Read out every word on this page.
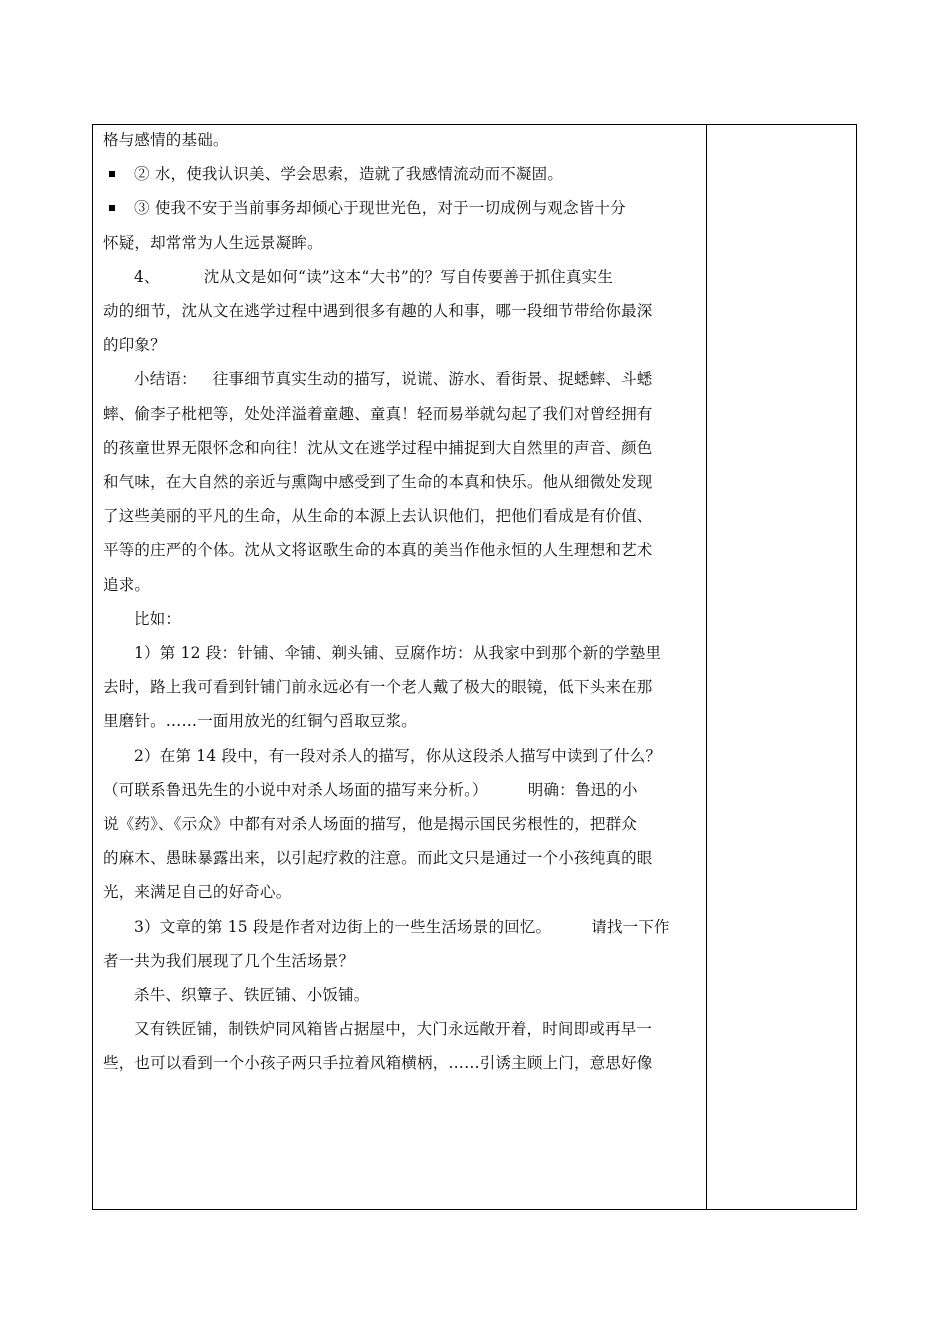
格与感情的基础。

② 水，使我认识美、学会思索，造就了我感情流动而不凝固。

③ 使我不安于当前事务却倾心于现世光色，对于一切成例与观念皆十分

怀疑，却常常为人生远景凝眸。

4、	沈从文是如何“读”这本“大书”的？写自传要善于抓住真实生

动的细节，沈从文在逃学过程中遇到很多有趣的人和事，哪一段细节带给你最深

的印象？

小结语： 往事细节真实生动的描写，说谎、游水、看街景、捉蟋蟀、斗蟋

蟀、偷李子枇杷等，处处洋溢着童趣、童真！轻而易举就勾起了我们对曾经拥有

的孩童世界无限怀念和向往！沈从文在逃学过程中捕捉到大自然里的声音、颜色

和气味，在大自然的亲近与熏陶中感受到了生命的本真和快乐。他从细微处发现

了这些美丽的平凡的生命，从生命的本源上去认识他们，把他们看成是有价值、

平等的庄严的个体。沈从文将讴歌生命的本真的美当作他永恒的人生理想和艺术

追求。

比如：

1）第 12 段：针铺、伞铺、剃头铺、豆腐作坊：从我家中到那个新的学塾里

去时，路上我可看到针铺门前永远必有一个老人戴了极大的眼镜，低下头来在那

里磨针。……一面用放光的红铜勺舀取豆浆。

2）在第 14 段中，有一段对杀人的描写，你从这段杀人描写中读到了什么？

（可联系鲁迅先生的小说中对杀人场面的描写来分析。）	明确：鲁迅的小

说《药》、《示众》中都有对杀人场面的描写，他是揭示国民劣根性的，把群众

的麻木、愚昧暴露出来，以引起疗救的注意。而此文只是通过一个小孩纯真的眼

光，来满足自己的好奇心。

3）文章的第 15 段是作者对边街上的一些生活场景的回忆。	请找一下作

者一共为我们展现了几个生活场景？

杀牛、织簟子、铁匠铺、小饭铺。

又有铁匠铺，制铁炉同风箱皆占据屋中，大门永远敞开着，时间即或再早一

些，也可以看到一个小孩子两只手拉着风箱横柄，……引诱主顾上门，意思好像
